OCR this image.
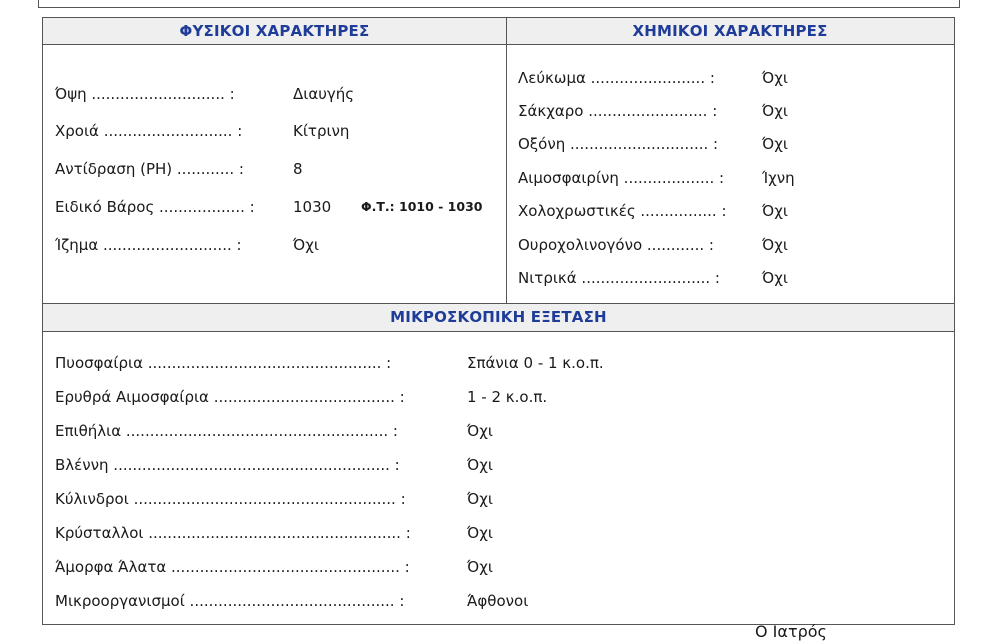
ΦΥΣΙΚΟΙ ΧΑΡΑΚΤΗΡΕΣ	ΧΗΜΙΚΟΙ ΧΑΡΑΚΤΗΡΕΣ
Όψη ............................ :	Διαυγής
Χροιά ........................... :	Κίτρινη
Αντίδραση (PH) ............ :	8
Ειδικό Βάρος .................. :	1030 Φ.Τ.: 1010 - 1030
Ίζημα ........................... :	Όχι
Λεύκωμα ........................ :	Όχι
Σάκχαρο ......................... :	Όχι
Οξόνη ............................. :	Όχι
Αιμοσφαιρίνη ................... :	Ίχνη
Χολοχρωστικές ................ : Όχι
Ουροχολινογόνο ............ :	Όχι
Νιτρικά ........................... :	Όχι
ΜΙΚΡΟΣΚΟΠΙΚΗ ΕΞΕΤΑΣΗ
Πυοσφαίρια ................................................. :	Σπάνια 0 - 1 κ.ο.π.
Ερυθρά Αιμοσφαίρια ...................................... :	1 - 2 κ.ο.π.
Επιθήλια ....................................................... :	Όχι
Βλέννη .......................................................... :	Όχι
Κύλινδροι ....................................................... :	Όχι
Κρύσταλλοι ..................................................... :	Όχι
Άμορφα Άλατα ................................................ :	Όχι
Μικροοργανισμοί ........................................... :	Άφθονοι
Ο Ιατρός
